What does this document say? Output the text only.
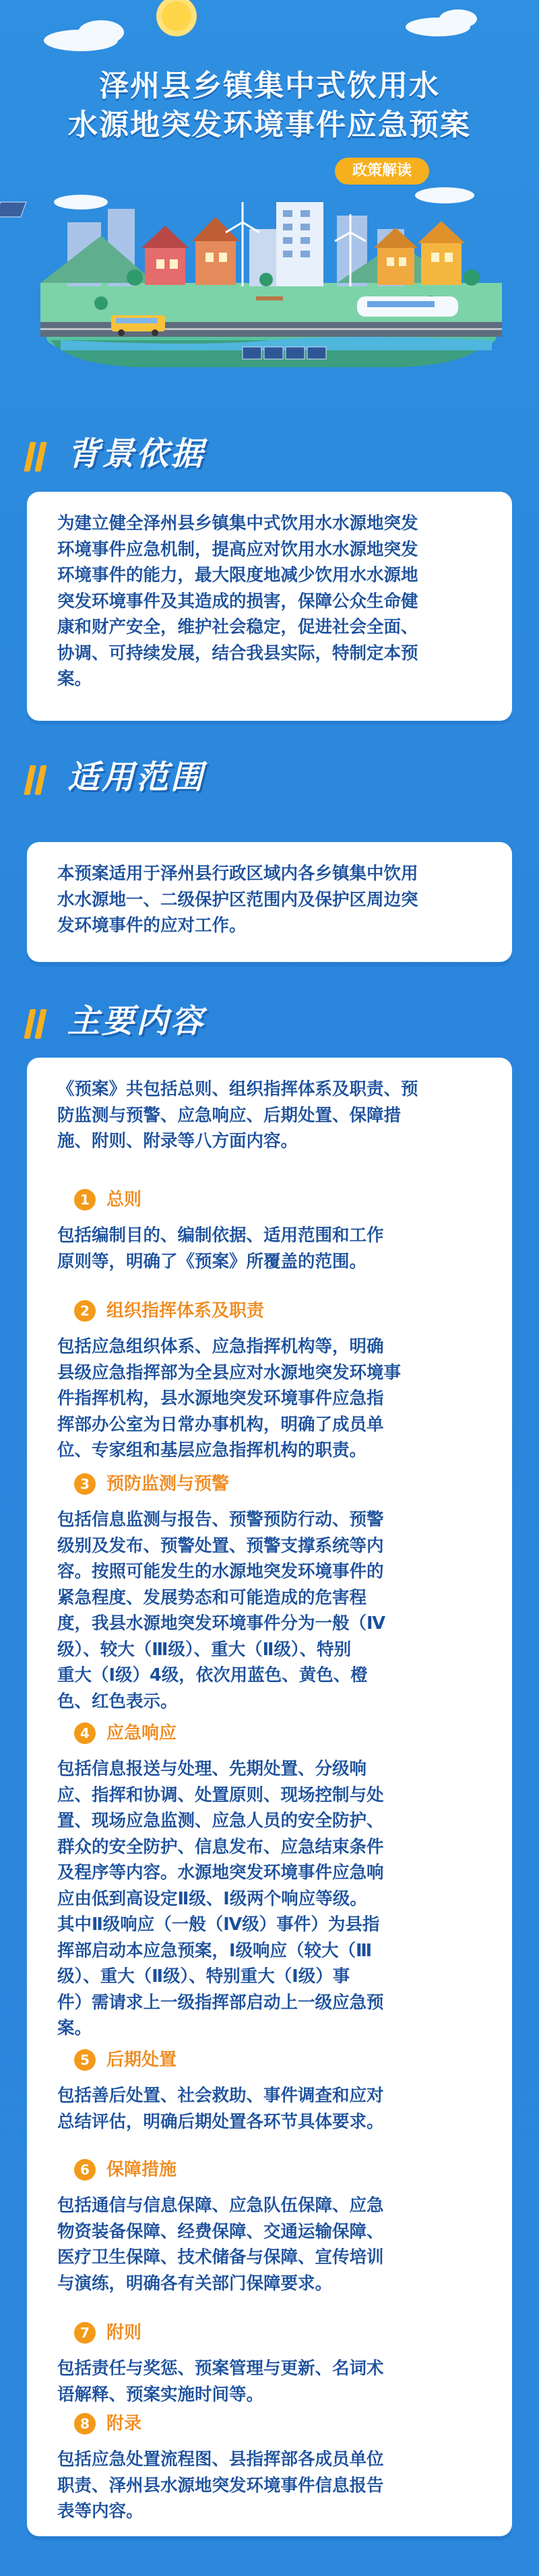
泽州县乡镇集中式饮用水
水源地突发环境事件应急预案
政策解读
背景依据

为建立健全泽州县乡镇集中式饮用水水源地突发

环境事件应急机制，提高应对饮用水水源地突发

环境事件的能力，最大限度地减少饮用水水源地

突发环境事件及其造成的损害，保障公众生命健

康和财产安全，维护社会稳定，促进社会全面、

协调、可持续发展，结合我县实际，特制定本预

案。

适用范围

本预案适用于泽州县行政区域内各乡镇集中饮用

水水源地一、二级保护区范围内及保护区周边突

发环境事件的应对工作。

主要内容

《预案》共包括总则、组织指挥体系及职责、预

防监测与预警、应急响应、后期处置、保障措

施、附则、附录等八方面内容。

1 总则

包括编制目的、编制依据、适用范围和工作

原则等，明确了《预案》所覆盖的范围。

2 组织指挥体系及职责

包括应急组织体系、应急指挥机构等，明确

县级应急指挥部为全县应对水源地突发环境事

件指挥机构，县水源地突发环境事件应急指

挥部办公室为日常办事机构，明确了成员单

位、专家组和基层应急指挥机构的职责。

3 预防监测与预警

包括信息监测与报告、预警预防行动、预警

级别及发布、预警处置、预警支撑系统等内

容。按照可能发生的水源地突发环境事件的

紧急程度、发展势态和可能造成的危害程

度，我县水源地突发环境事件分为一般（Ⅳ

级）、较大（Ⅲ级）、重大（Ⅱ级）、特别

重大（Ⅰ级）4级，依次用蓝色、黄色、橙

色、红色表示。

4 应急响应

包括信息报送与处理、先期处置、分级响

应、指挥和协调、处置原则、现场控制与处

置、现场应急监测、应急人员的安全防护、

群众的安全防护、信息发布、应急结束条件

及程序等内容。水源地突发环境事件应急响

应由低到高设定Ⅱ级、Ⅰ级两个响应等级。

其中Ⅱ级响应（一般（Ⅳ级）事件）为县指

挥部启动本应急预案，Ⅰ级响应（较大（Ⅲ

级）、重大（Ⅱ级）、特别重大（Ⅰ级）事

件）需请求上一级指挥部启动上一级应急预

案。

5 后期处置

包括善后处置、社会救助、事件调查和应对

总结评估，明确后期处置各环节具体要求。

6 保障措施

包括通信与信息保障、应急队伍保障、应急

物资装备保障、经费保障、交通运输保障、

医疗卫生保障、技术储备与保障、宣传培训

与演练，明确各有关部门保障要求。

7 附则

包括责任与奖惩、预案管理与更新、名词术

语解释、预案实施时间等。

8 附录

包括应急处置流程图、县指挥部各成员单位

职责、泽州县水源地突发环境事件信息报告

表等内容。
